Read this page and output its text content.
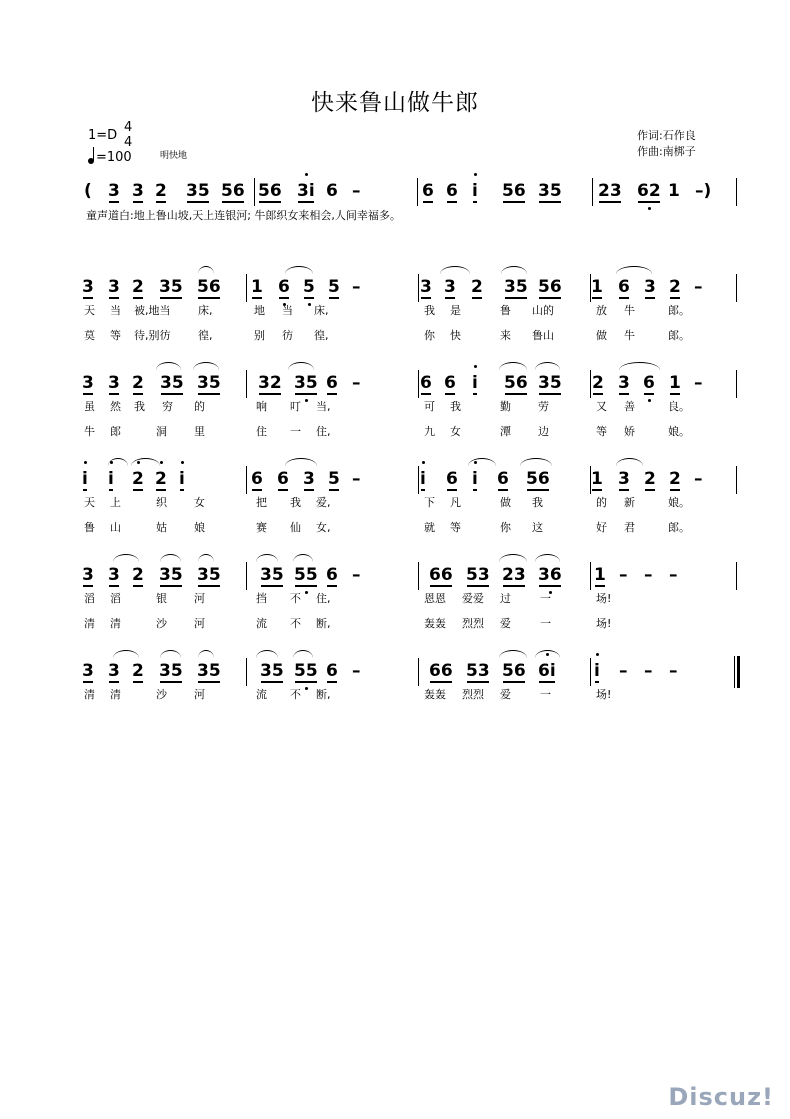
快来鲁山做牛郎
1=D
4
4
=100	明快地
作词:石作良
作曲:南梆子
童声道白:地上鲁山坡,天上连银河; 牛郎织女来相会,人间幸福多。
( 3 3 2 35 56 56 3i 6 –	6 6 i 56 35 23 62 1 –)
3 3 2 35 56 1 6 5 5 –	3 3 2 35 56 1 6 3 2 –
天 当 被,地当	床,	地 当 床,	我 是	鲁 山的	放 牛	郎。
莫 等 待,别彷	徨,	别 彷 徨,	你 快	来 鲁山	做 牛	郎。
3 3 2 35 35 32 35 6 –	6 6 i 56 35 2 3 6 1 –
虽 然 我 穷 的	响 叮 当,	可 我	勤 劳	又 善	良。
牛 郎	洞 里	住 一 住,	九 女	潭 边	等 娇	娘。
i i 2 2 i	6 6 3 5 –	i 6 i 6 56 1 3 2 2 –
天 上	织 女	把 我 爱,	下 凡	做 我	的 新	娘。
鲁 山	姑 娘	赛 仙 女,	就 等	你 这	好 君	郎。
3 3 2 35 35 35 55 6 –	66 53 23 36 1 – – –
滔 滔	银 河	挡 不 住,	恩恩 爱爱 过	一	场!
清 清	沙 河	流 不 断,	轰轰 烈烈 爱	一	场!
3 3 2 35 35 35 55 6 –	66 53 56 6i i – – –
清 清	沙 河	流 不 断,	轰轰 烈烈 爱	一	场!
Discuz!
